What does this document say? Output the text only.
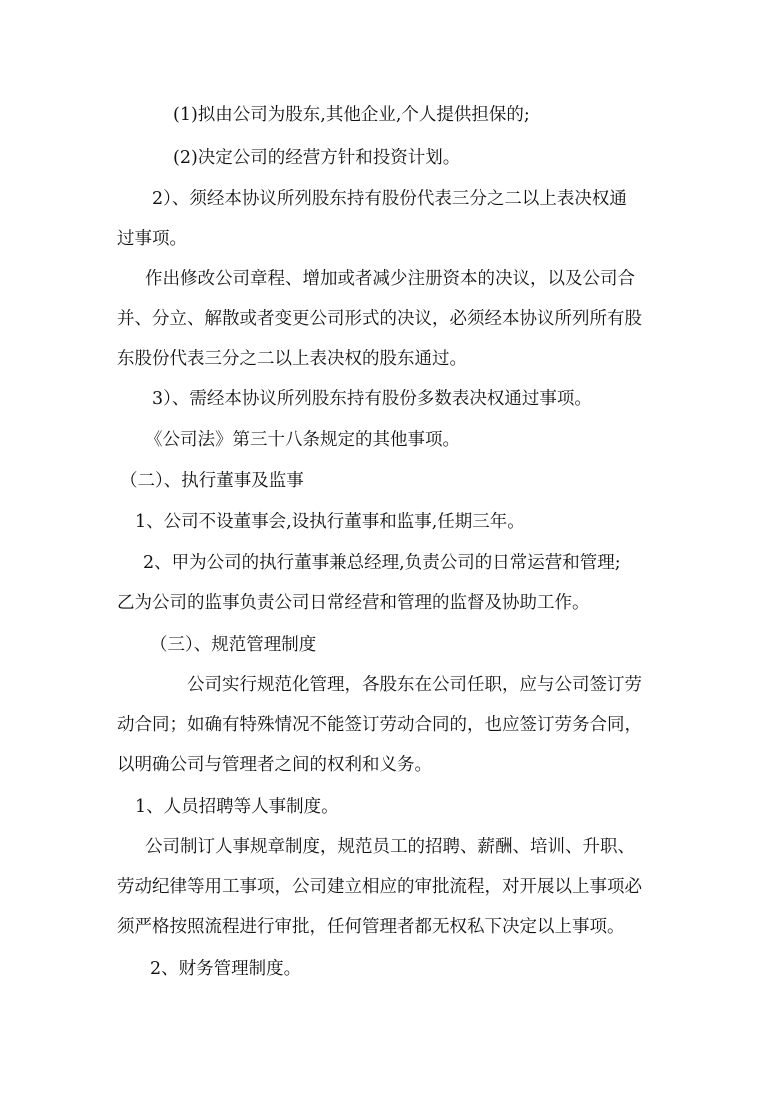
(1)拟由公司为股东,其他企业,个人提供担保的;

(2)决定公司的经营方针和投资计划。

2）、须经本协议所列股东持有股份代表三分之二以上表决权通

过事项。

作出修改公司章程、增加或者减少注册资本的决议，以及公司合

并、分立、解散或者变更公司形式的决议，必须经本协议所列所有股

东股份代表三分之二以上表决权的股东通过。

3）、需经本协议所列股东持有股份多数表决权通过事项。

《公司法》第三十八条规定的其他事项。

（二）、执行董事及监事

1、公司不设董事会,设执行董事和监事,任期三年。

2、甲为公司的执行董事兼总经理,负责公司的日常运营和管理;

乙为公司的监事负责公司日常经营和管理的监督及协助工作。

（三）、规范管理制度

公司实行规范化管理，各股东在公司任职，应与公司签订劳

动合同；如确有特殊情况不能签订劳动合同的，也应签订劳务合同，

以明确公司与管理者之间的权利和义务。

1、人员招聘等人事制度。

公司制订人事规章制度，规范员工的招聘、薪酬、培训、升职、

劳动纪律等用工事项，公司建立相应的审批流程，对开展以上事项必

须严格按照流程进行审批，任何管理者都无权私下决定以上事项。

2、财务管理制度。
